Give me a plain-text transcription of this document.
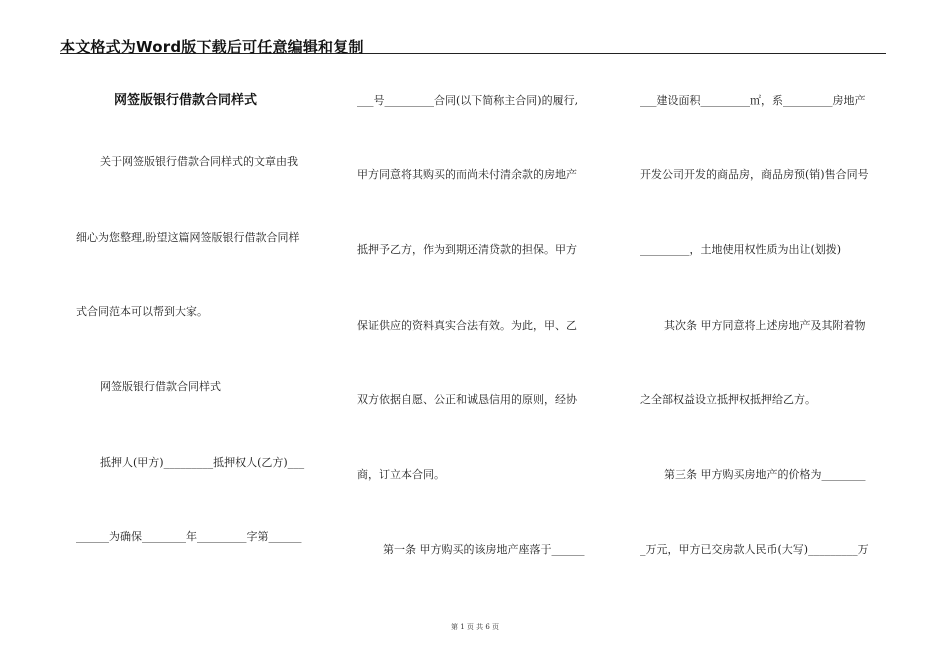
本文格式为Word版下载后可任意编辑和复制
网签版银行借款合同样式
关于网签版银行借款合同样式的文章由我
细心为您整理,盼望这篇网签版银行借款合同样
式合同范本可以帮到大家。
网签版银行借款合同样式
抵押人(甲方)_________抵押权人(乙方)___
______为确保________年_________字第______
___号_________合同(以下简称主合同)的履行,
甲方同意将其购买的而尚未付清余款的房地产
抵押予乙方，作为到期还清贷款的担保。甲方
保证供应的资料真实合法有效。为此，甲、乙
双方依据自愿、公正和诚恳信用的原则，经协
商，订立本合同。
第一条 甲方购买的该房地产座落于______
___建设面积_________㎡，系_________房地产
开发公司开发的商品房，商品房预(销)售合同号
_________，土地使用权性质为出让(划拨)
其次条 甲方同意将上述房地产及其附着物
之全部权益设立抵押权抵押给乙方。
第三条 甲方购买房地产的价格为________
_万元，甲方已交房款人民币(大写)_________万
第 1 页 共 6 页
